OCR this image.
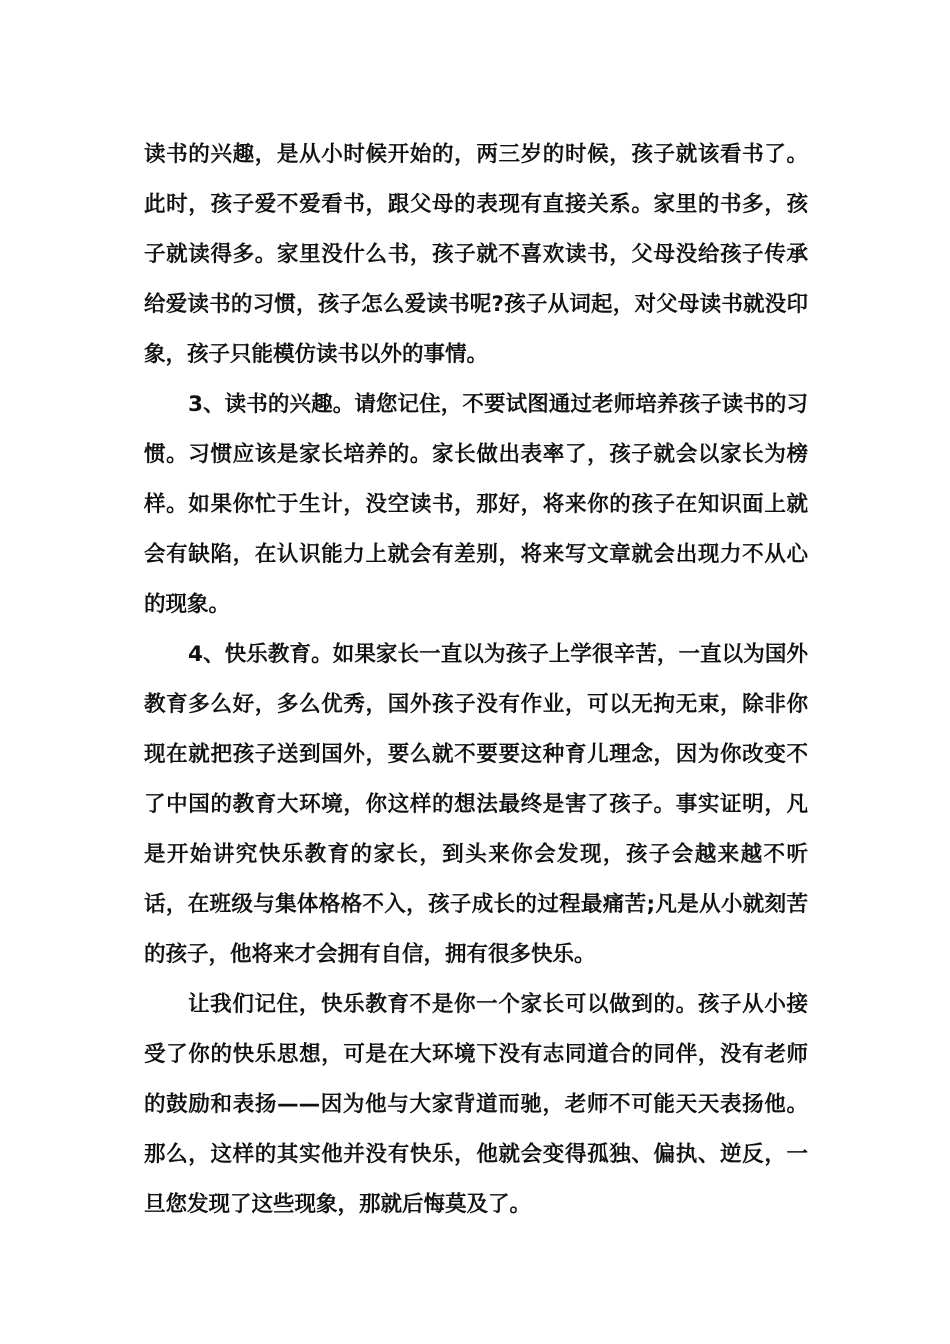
读书的兴趣，是从小时候开始的，两三岁的时候，孩子就该看书了。此时，孩子爱不爱看书，跟父母的表现有直接关系。家里的书多，孩子就读得多。家里没什么书，孩子就不喜欢读书，父母没给孩子传承给爱读书的习惯，孩子怎么爱读书呢?孩子从词起，对父母读书就没印象，孩子只能模仿读书以外的事情。

3、读书的兴趣。请您记住，不要试图通过老师培养孩子读书的习惯。习惯应该是家长培养的。家长做出表率了，孩子就会以家长为榜样。如果你忙于生计，没空读书，那好，将来你的孩子在知识面上就会有缺陷，在认识能力上就会有差别，将来写文章就会出现力不从心的现象。

4、快乐教育。如果家长一直以为孩子上学很辛苦，一直以为国外教育多么好，多么优秀，国外孩子没有作业，可以无拘无束，除非你现在就把孩子送到国外，要么就不要要这种育儿理念，因为你改变不了中国的教育大环境，你这样的想法最终是害了孩子。事实证明，凡是开始讲究快乐教育的家长，到头来你会发现，孩子会越来越不听话，在班级与集体格格不入，孩子成长的过程最痛苦;凡是从小就刻苦的孩子，他将来才会拥有自信，拥有很多快乐。

让我们记住，快乐教育不是你一个家长可以做到的。孩子从小接受了你的快乐思想，可是在大环境下没有志同道合的同伴，没有老师的鼓励和表扬——因为他与大家背道而驰，老师不可能天天表扬他。那么，这样的其实他并没有快乐，他就会变得孤独、偏执、逆反，一旦您发现了这些现象，那就后悔莫及了。
